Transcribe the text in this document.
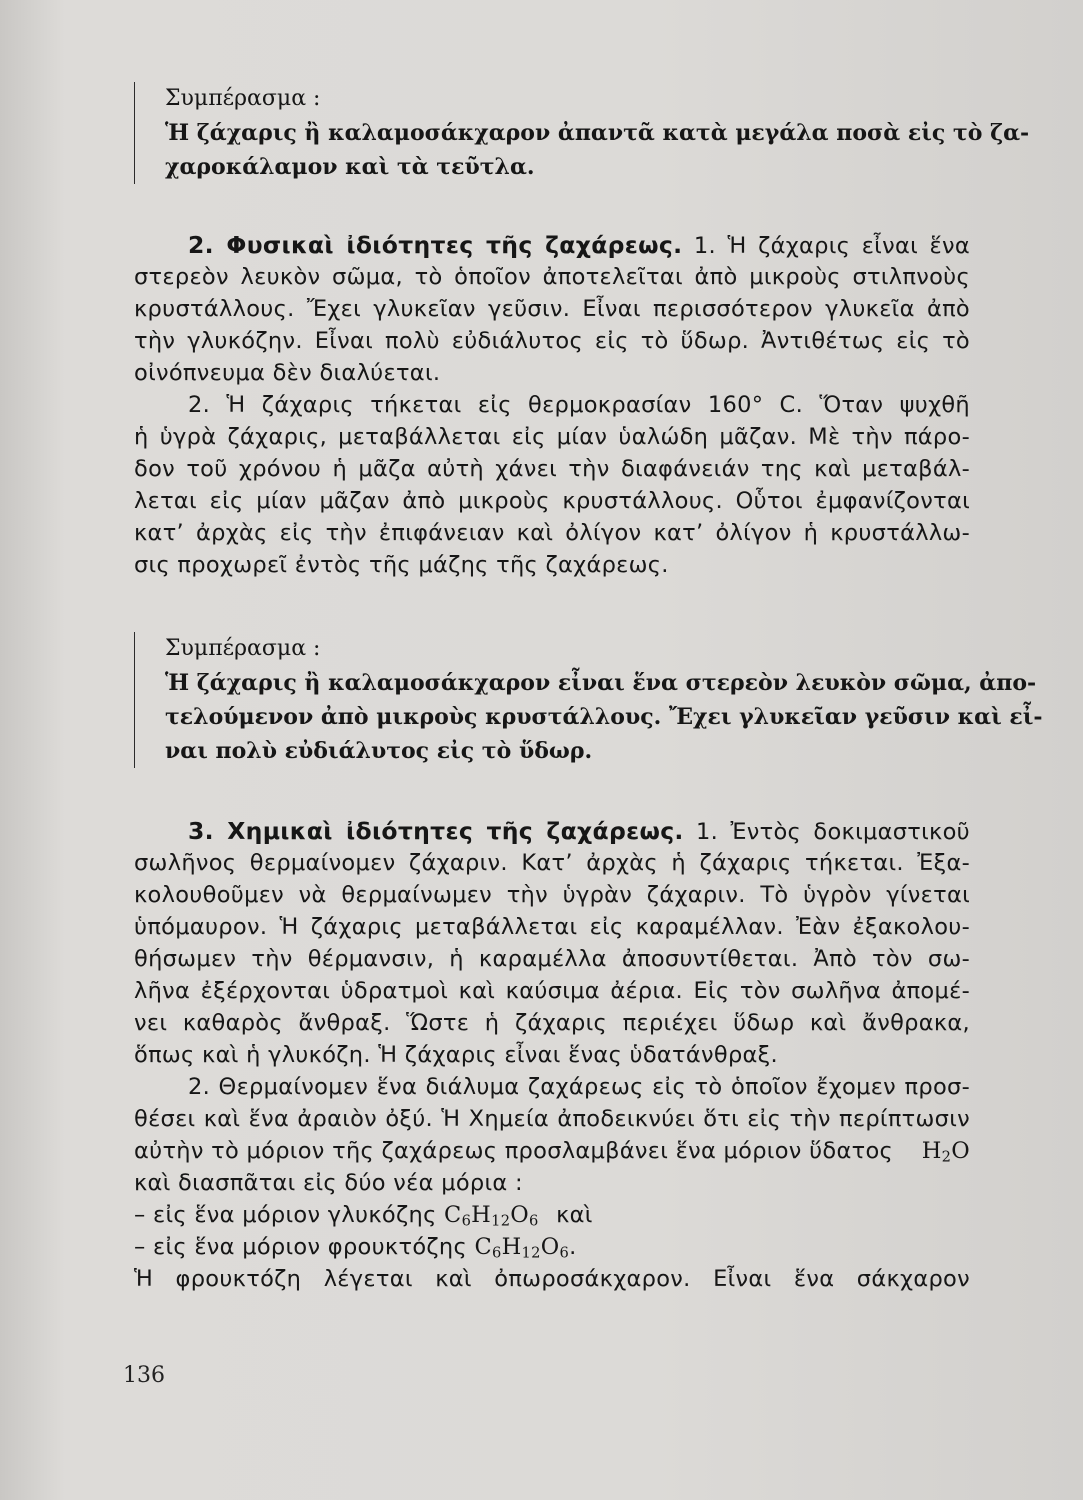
Συμπέρασμα :
Ἡ ζάχαρις ἢ καλαμοσάκχαρον ἀπαντᾶ κατὰ μεγάλα ποσὰ εἰς τὸ ζα-
χαροκάλαμον καὶ τὰ τεῦτλα.
2. Φυσικαὶ ἰδιότητες τῆς ζαχάρεως. 1. Ἡ ζάχαρις εἶναι ἕνα
στερεὸν λευκὸν σῶμα, τὸ ὁποῖον ἀποτελεῖται ἀπὸ μικροὺς στιλπνοὺς
κρυστάλλους. Ἔχει γλυκεῖαν γεῦσιν. Εἶναι περισσότερον γλυκεῖα ἀπὸ
τὴν γλυκόζην. Εἶναι πολὺ εὐδιάλυτος εἰς τὸ ὕδωρ. Ἀντιθέτως εἰς τὸ
οἰνόπνευμα δὲν διαλύεται.
2. Ἡ ζάχαρις τήκεται εἰς θερμοκρασίαν 160° C. Ὅταν ψυχθῆ
ἡ ὑγρὰ ζάχαρις, μεταβάλλεται εἰς μίαν ὑαλώδη μᾶζαν. Μὲ τὴν πάρο-
δον τοῦ χρόνου ἡ μᾶζα αὐτὴ χάνει τὴν διαφάνειάν της καὶ μεταβάλ-
λεται εἰς μίαν μᾶζαν ἀπὸ μικροὺς κρυστάλλους. Οὗτοι ἐμφανίζονται
κατ’ ἀρχὰς εἰς τὴν ἐπιφάνειαν καὶ ὀλίγον κατ’ ὀλίγον ἡ κρυστάλλω-
σις προχωρεῖ ἐντὸς τῆς μάζης τῆς ζαχάρεως.
Συμπέρασμα :
Ἡ ζάχαρις ἢ καλαμοσάκχαρον εἶναι ἕνα στερεὸν λευκὸν σῶμα, ἀπο-
τελούμενον ἀπὸ μικροὺς κρυστάλλους. Ἔχει γλυκεῖαν γεῦσιν καὶ εἶ-
ναι πολὺ εὐδιάλυτος εἰς τὸ ὕδωρ.
3. Χημικαὶ ἰδιότητες τῆς ζαχάρεως. 1. Ἐντὸς δοκιμαστικοῦ
σωλῆνος θερμαίνομεν ζάχαριν. Κατ’ ἀρχὰς ἡ ζάχαρις τήκεται. Ἐξα-
κολουθοῦμεν νὰ θερμαίνωμεν τὴν ὑγρὰν ζάχαριν. Τὸ ὑγρὸν γίνεται
ὑπόμαυρον. Ἡ ζάχαρις μεταβάλλεται εἰς καραμέλλαν. Ἐὰν ἐξακολου-
θήσωμεν τὴν θέρμανσιν, ἡ καραμέλλα ἀποσυντίθεται. Ἀπὸ τὸν σω-
λῆνα ἐξέρχονται ὑδρατμοὶ καὶ καύσιμα ἀέρια. Εἰς τὸν σωλῆνα ἀπομέ-
νει καθαρὸς ἄνθραξ. Ὥστε ἡ ζάχαρις περιέχει ὕδωρ καὶ ἄνθρακα,
ὅπως καὶ ἡ γλυκόζη. Ἡ ζάχαρις εἶναι ἕνας ὑδατάνθραξ.
2. Θερμαίνομεν ἕνα διάλυμα ζαχάρεως εἰς τὸ ὁποῖον ἔχομεν προσ-
θέσει καὶ ἕνα ἀραιὸν ὀξύ. Ἡ Χημεία ἀποδεικνύει ὅτι εἰς τὴν περίπτωσιν
αὐτὴν τὸ μόριον τῆς ζαχάρεως προσλαμβάνει ἕνα μόριον ὕδατος $H_2O$
καὶ διασπᾶται εἰς δύο νέα μόρια :
– εἰς ἕνα μόριον γλυκόζης $C_6H_{12}O_6$ καὶ
– εἰς ἕνα μόριον φρουκτόζης $C_6H_{12}O_6$.
Ἡ φρουκτόζη λέγεται καὶ ὀπωροσάκχαρον. Εἶναι ἕνα σάκχαρον
136
